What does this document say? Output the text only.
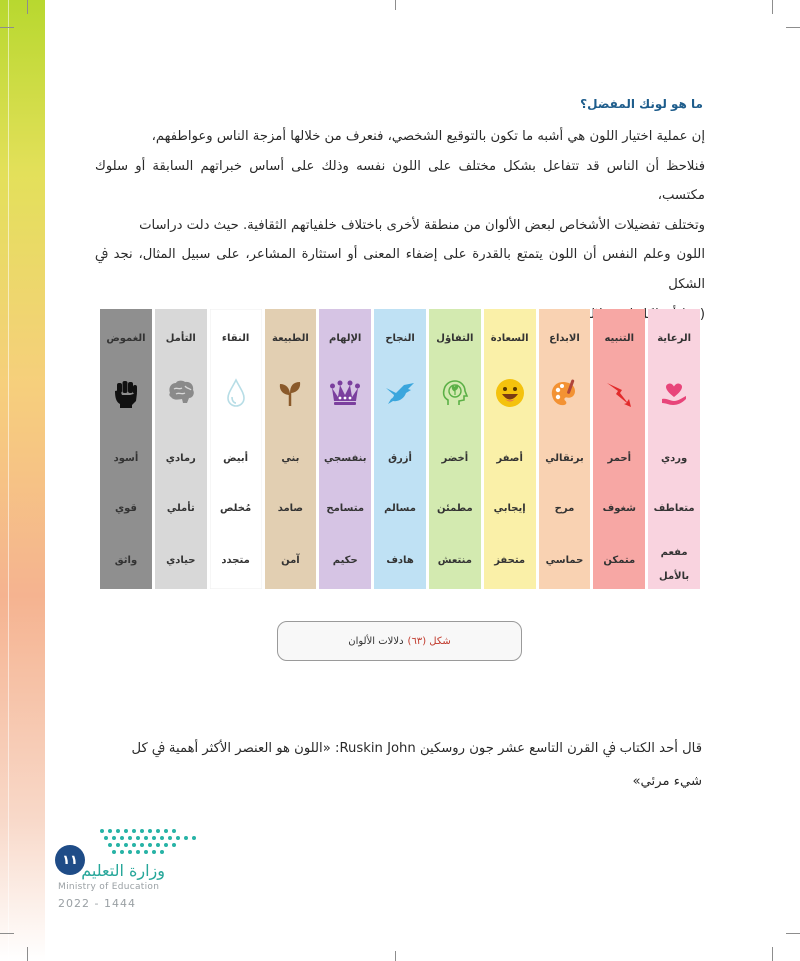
ما هو لونك المفضل؟

إن عملية اختيار اللون هي أشبه ما تكون بالتوقيع الشخصي، فنعرف من خلالها أمزجة الناس وعواطفهم،

فنلاحظ أن الناس قد تتفاعل بشكل مختلف على اللون نفسه وذلك على أساس خبراتهم السابقة أو سلوك مكتسب،

وتختلف تفضيلات الأشخاص لبعض الألوان من منطقة لأخرى باختلاف خلفياتهم الثقافية. حيث دلت دراسات

اللون وعلم النفس أن اللون يتمتع بالقدرة على إضفاء المعنى أو استثارة المشاعر، على سبيل المثال، نجد ﰲ الشكل

(

الرعاية
وردي
متعاطف
مفعم
بالأمل
التنبيه
أحمر
شغوف
متمكن
الابداع
برتقالي
مرح
حماسي
السعادة
أصفر
إيجابي
متحفز
التفاؤل
أخضر
مطمئن
منتعش
النجاح
أزرق
مسالم
هادف
الإلهام
بنفسجي
متسامح
حكيم
الطبيعة
بني
صامد
آمن
النقاء
أبيض
مُخلص
متجدد
التأمل
رمادي
تأملي
حيادي
الغموض
أسود
قوي
واثق
شكل (٦٣)
دلالات الألوان

قال أحد الكتاب ﰲ القرن التاسع عشر جون روسكين Ruskin John: «اللون هو العنصر الأكثر أهمية ﰲ كل

شيء مرئي»

١١
وزارة التعليم
Ministry of Education
2022 - 1444
